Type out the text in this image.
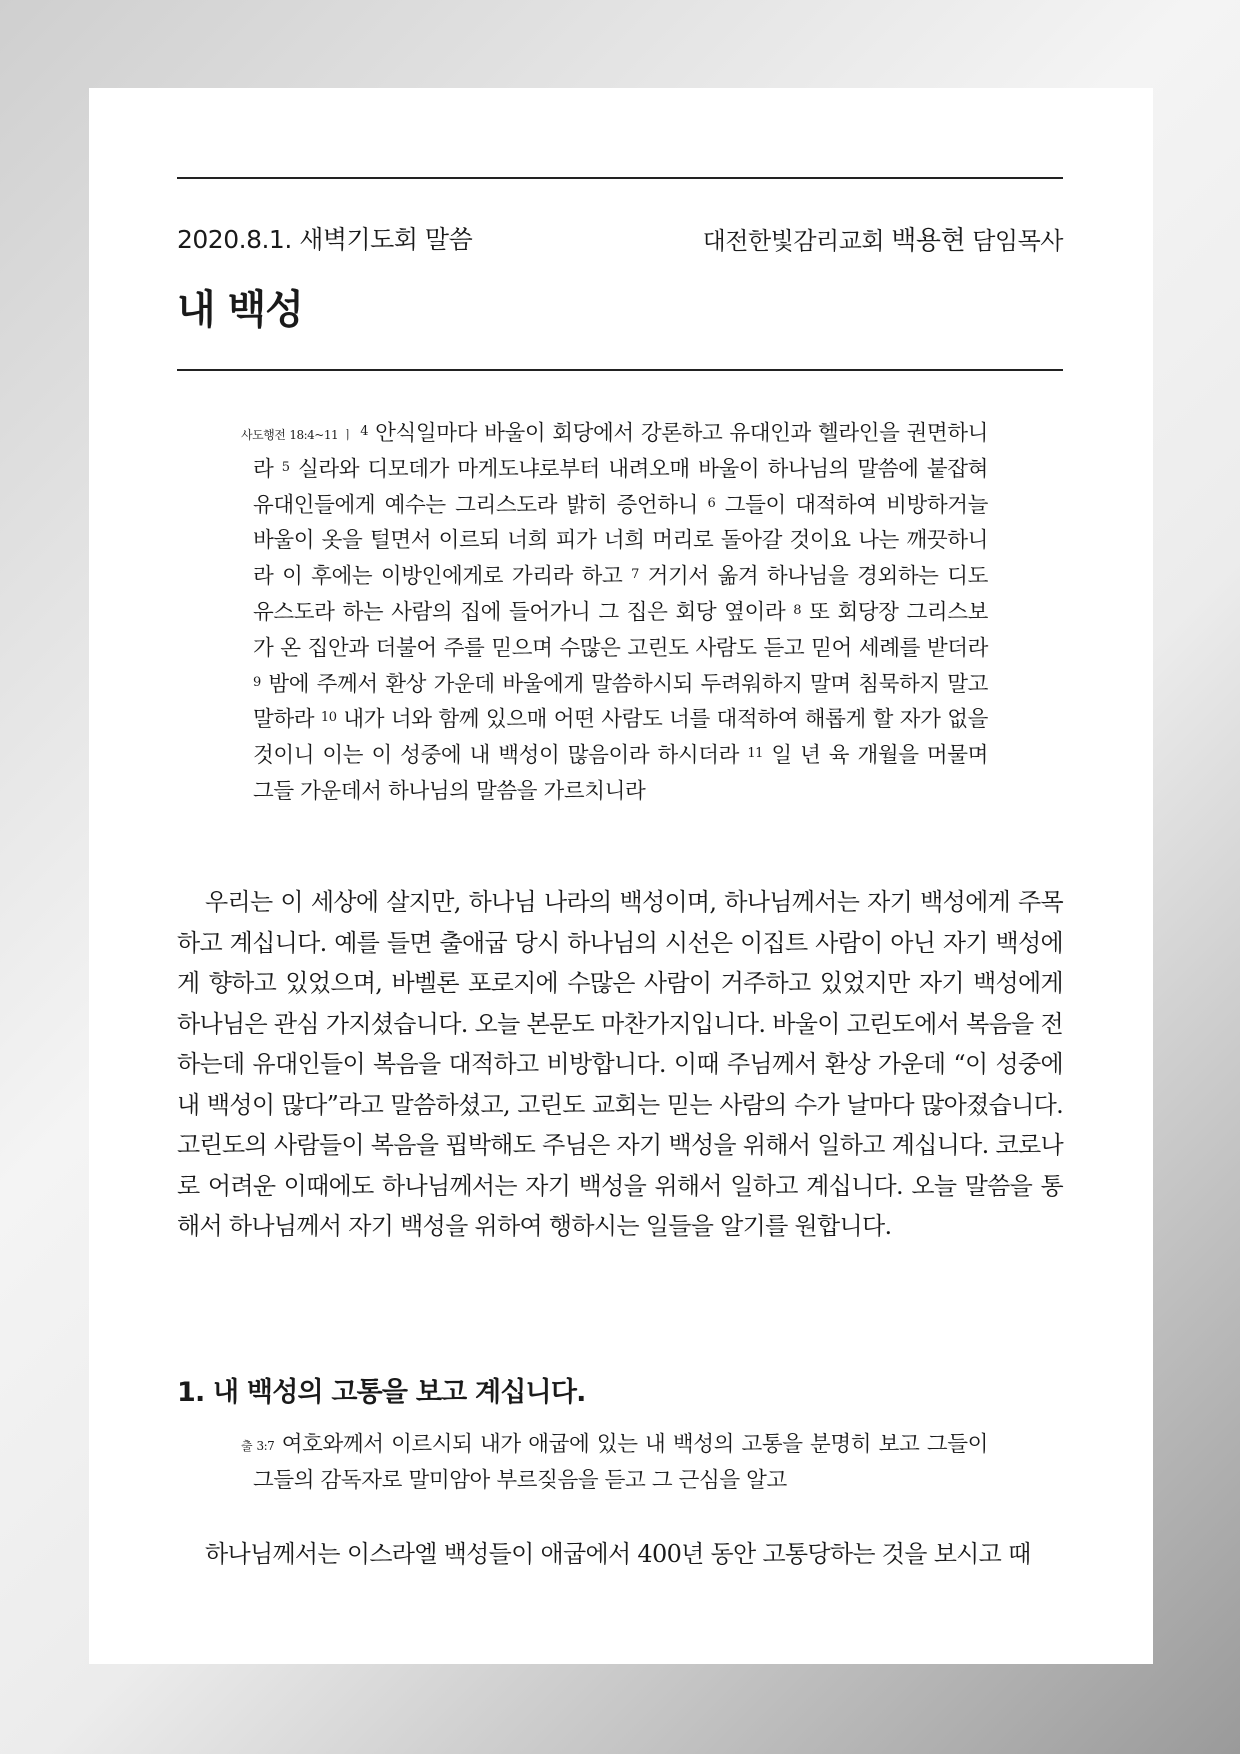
2020.8.1. 새벽기도회 말씀	대전한빛감리교회 백용현 담임목사
내 백성
$^{사도행전 18:4\sim 11 ㅣ}$ $^4$ 안식일마다 바울이 회당에서 강론하고 유대인과 헬라인을 권면하니라 $^5$ 실라와 디모데가 마게도냐로부터 내려오매 바울이 하나님의 말씀에 붙잡혀 유대인들에게 예수는 그리스도라 밝히 증언하니 $^6$ 그들이 대적하여 비방하거늘 바울이 옷을 털면서 이르되 너희 피가 너희 머리로 돌아갈 것이요 나는 깨끗하니라 이 후에는 이방인에게로 가리라 하고 $^7$ 거기서 옮겨 하나님을 경외하는 디도 유스도라 하는 사람의 집에 들어가니 그 집은 회당 옆이라 $^8$ 또 회당장 그리스보가 온 집안과 더불어 주를 믿으며 수많은 고린도 사람도 듣고 믿어 세례를 받더라 $^9$ 밤에 주께서 환상 가운데 바울에게 말씀하시되 두려워하지 말며 침묵하지 말고 말하라 $^{10}$ 내가 너와 함께 있으매 어떤 사람도 너를 대적하여 해롭게 할 자가 없을 것이니 이는 이 성중에 내 백성이 많음이라 하시더라 $^{11}$ 일 년 육 개월을 머물며 그들 가운데서 하나님의 말씀을 가르치니라

우리는 이 세상에 살지만, 하나님 나라의 백성이며, 하나님께서는 자기 백성에게 주목하고 계십니다. 예를 들면 출애굽 당시 하나님의 시선은 이집트 사람이 아닌 자기 백성에게 향하고 있었으며, 바벨론 포로지에 수많은 사람이 거주하고 있었지만 자기 백성에게 하나님은 관심 가지셨습니다. 오늘 본문도 마찬가지입니다. 바울이 고린도에서 복음을 전하는데 유대인들이 복음을 대적하고 비방합니다. 이때 주님께서 환상 가운데 “이 성중에 내 백성이 많다”라고 말씀하셨고, 고린도 교회는 믿는 사람의 수가 날마다 많아졌습니다. 고린도의 사람들이 복음을 핍박해도 주님은 자기 백성을 위해서 일하고 계십니다. 코로나로 어려운 이때에도 하나님께서는 자기 백성을 위해서 일하고 계십니다. 오늘 말씀을 통해서 하나님께서 자기 백성을 위하여 행하시는 일들을 알기를 원합니다.

1. 내 백성의 고통을 보고 계십니다.
$^{출 3:7}$ 여호와께서 이르시되 내가 애굽에 있는 내 백성의 고통을 분명히 보고 그들이 그들의 감독자로 말미암아 부르짖음을 듣고 그 근심을 알고

하나님께서는 이스라엘 백성들이 애굽에서 400년 동안 고통당하는 것을 보시고 때
